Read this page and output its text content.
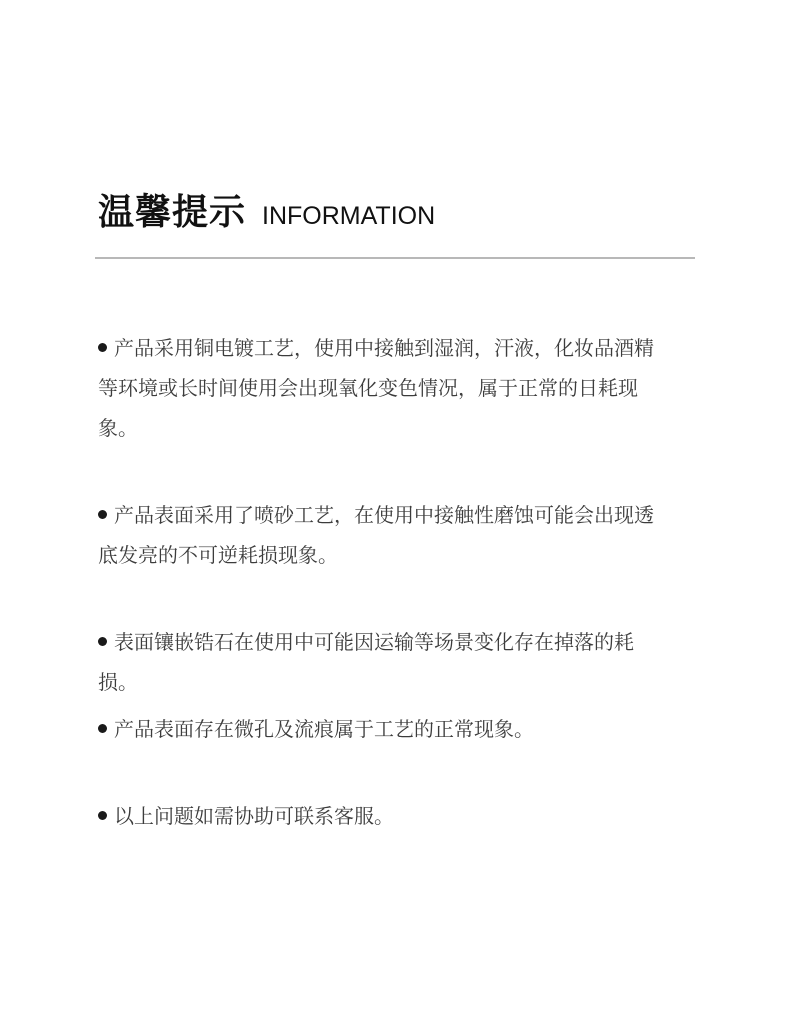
温馨提示 INFORMATION
产品采用铜电镀工艺，使用中接触到湿润，汗液，化妆品酒精等环境或长时间使用会出现氧化变色情况，属于正常的日耗现象。
产品表面采用了喷砂工艺，在使用中接触性磨蚀可能会出现透底发亮的不可逆耗损现象。
表面镶嵌锆石在使用中可能因运输等场景变化存在掉落的耗损。
产品表面存在微孔及流痕属于工艺的正常现象。
以上问题如需协助可联系客服。
